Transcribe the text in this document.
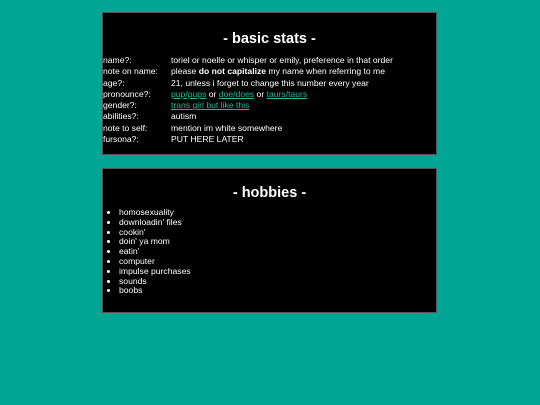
- basic stats -
name?:	toriel or noelle or whisper or emily, preference in that order
note on name:	please do not capitalize my name when referring to me
age?:	21, unless i forget to change this number every year
pronounce?:	pup/pups or doe/does or taurs/taurs
gender?:	trans girl but like this
abilities?:	autism
note to self:	mention im white somewhere
fursona?:	PUT HERE LATER
- hobbies -
• homosexuality
• downloadin' files
• cookin'
• doin' ya mom
• eatin'
• computer
• impulse purchases
• sounds
• boobs
